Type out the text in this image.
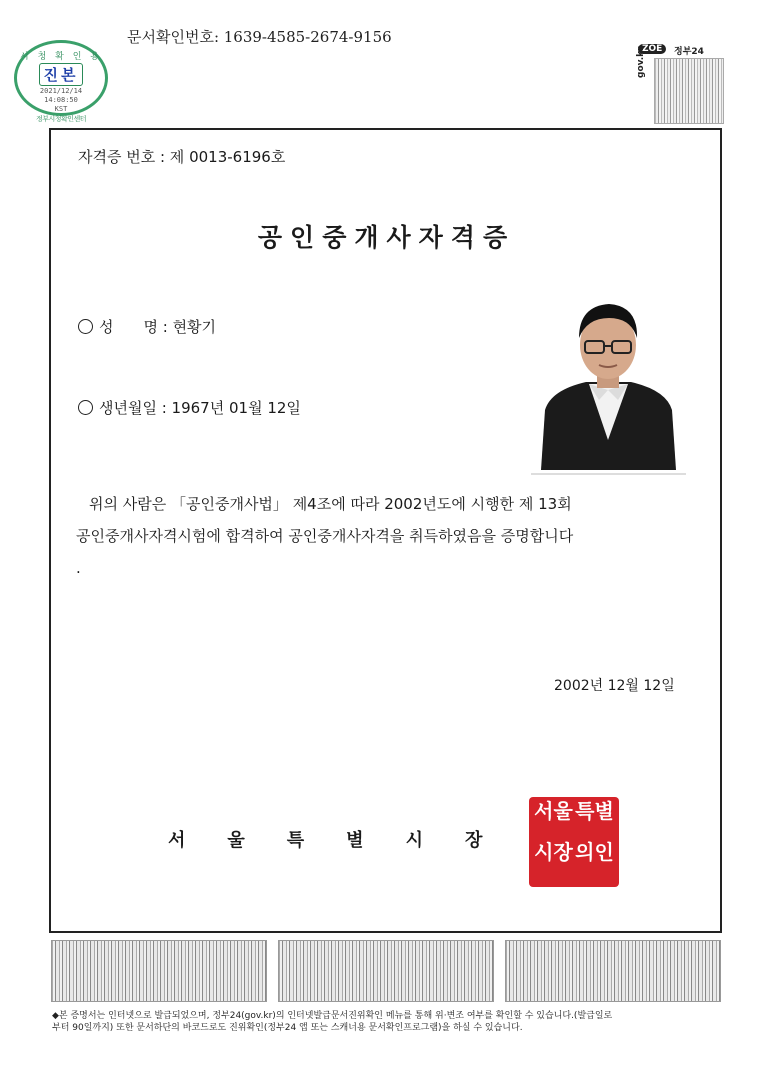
시 청 확 인 용
진본
2021/12/14
14:08:50
KST
정부시청확인센터
문서확인번호: 1639-4585-2674-9156
ZOE	정부24
gov.kr
자격증 번호 : 제 0013-6196호
공인중개사자격증
성　　명 : 현황기
생년월일 : 1967년 01월 12일
위의 사람은 「공인중개사법」 제4조에 따라 2002년도에 시행한 제 13회
공인중개사자격시험에 합격하여 공인중개사자격을 취득하였음을 증명합니다
.
2002년 12월 12일
서 울 특 별 시 장
서울 특별
시장 의인
◆본 증명서는 인터넷으로 발급되었으며, 정부24(gov.kr)의 인터넷발급문서진위확인 메뉴를 통해 위·변조 여부를 확인할 수 있습니다.(발급일로
부터 90일까지) 또한 문서하단의 바코드로도 진위확인(정부24 앱 또는 스캐너용 문서확인프로그램)을 하실 수 있습니다.
